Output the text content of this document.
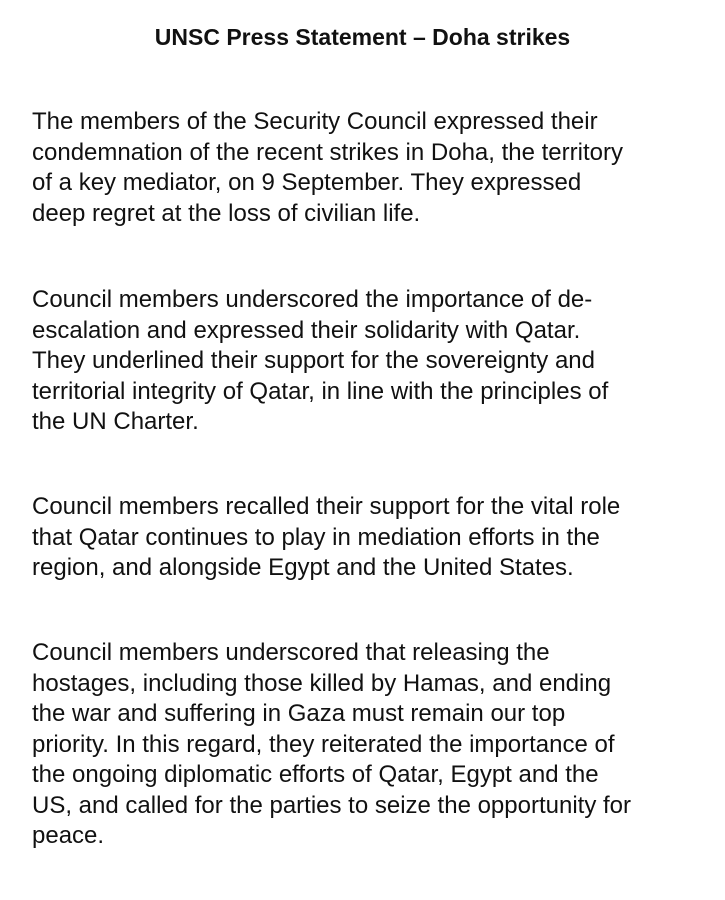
UNSC Press Statement – Doha strikes

The members of the Security Council expressed their
condemnation of the recent strikes in Doha, the territory
of a key mediator, on 9 September. They expressed
deep regret at the loss of civilian life.

Council members underscored the importance of de-
escalation and expressed their solidarity with Qatar.
They underlined their support for the sovereignty and
territorial integrity of Qatar, in line with the principles of
the UN Charter.

Council members recalled their support for the vital role
that Qatar continues to play in mediation efforts in the
region, and alongside Egypt and the United States.

Council members underscored that releasing the
hostages, including those killed by Hamas, and ending
the war and suffering in Gaza must remain our top
priority. In this regard, they reiterated the importance of
the ongoing diplomatic efforts of Qatar, Egypt and the
US, and called for the parties to seize the opportunity for
peace.
